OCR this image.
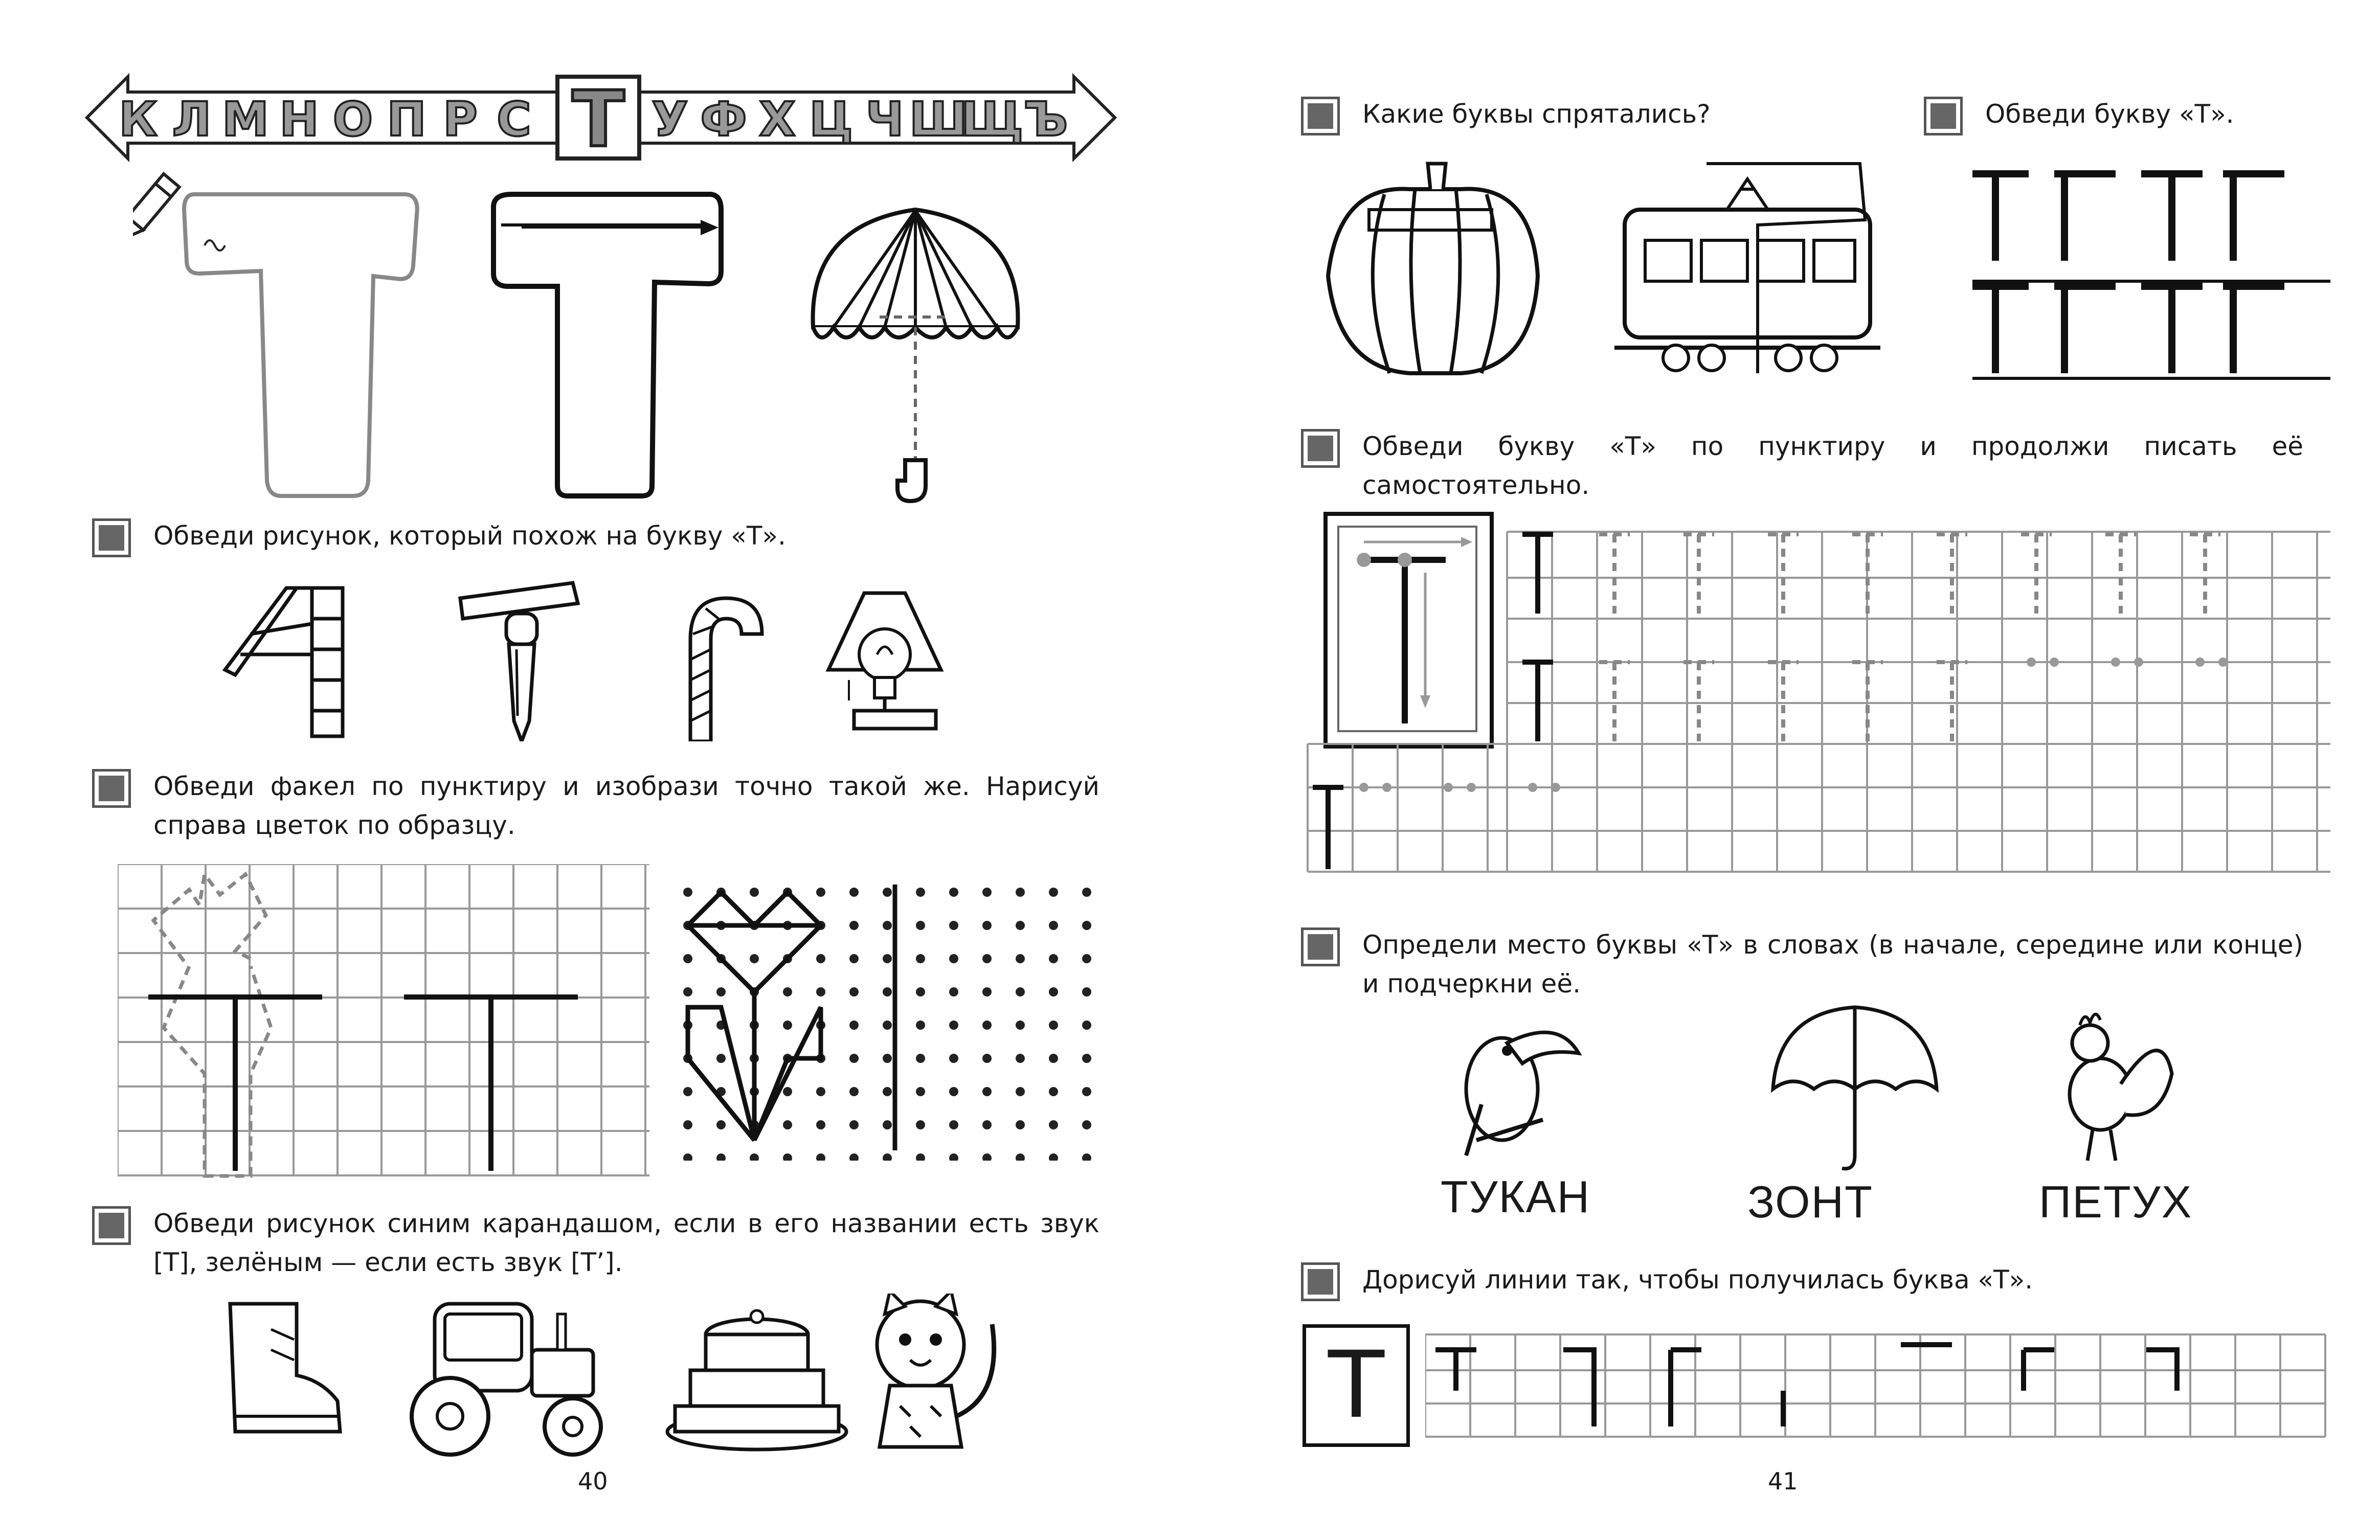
К Л М Н О П Р С Т У Ф Х Ц Ч Ш
Щ Ъ
Обведи рисунок, который похож на букву «Т».
Обведи факел по пунктиру и изобрази точно такой же. Нарисуй справа цветок по образцу.
Обведи рисунок синим карандашом, если в его названии есть звук [Т], зелёным — если есть звук [Т’].
40
Какие буквы спрятались?	Обведи букву «Т».
Обведи букву «Т» по пунктиру и продолжи писать её самостоятельно.
Определи место буквы «Т» в словах (в начале, середине или конце) и подчеркни её.
ТУКАН	ЗОНТ	ПЕТУХ
Дорисуй линии так, чтобы получилась буква «Т».
Т
41
